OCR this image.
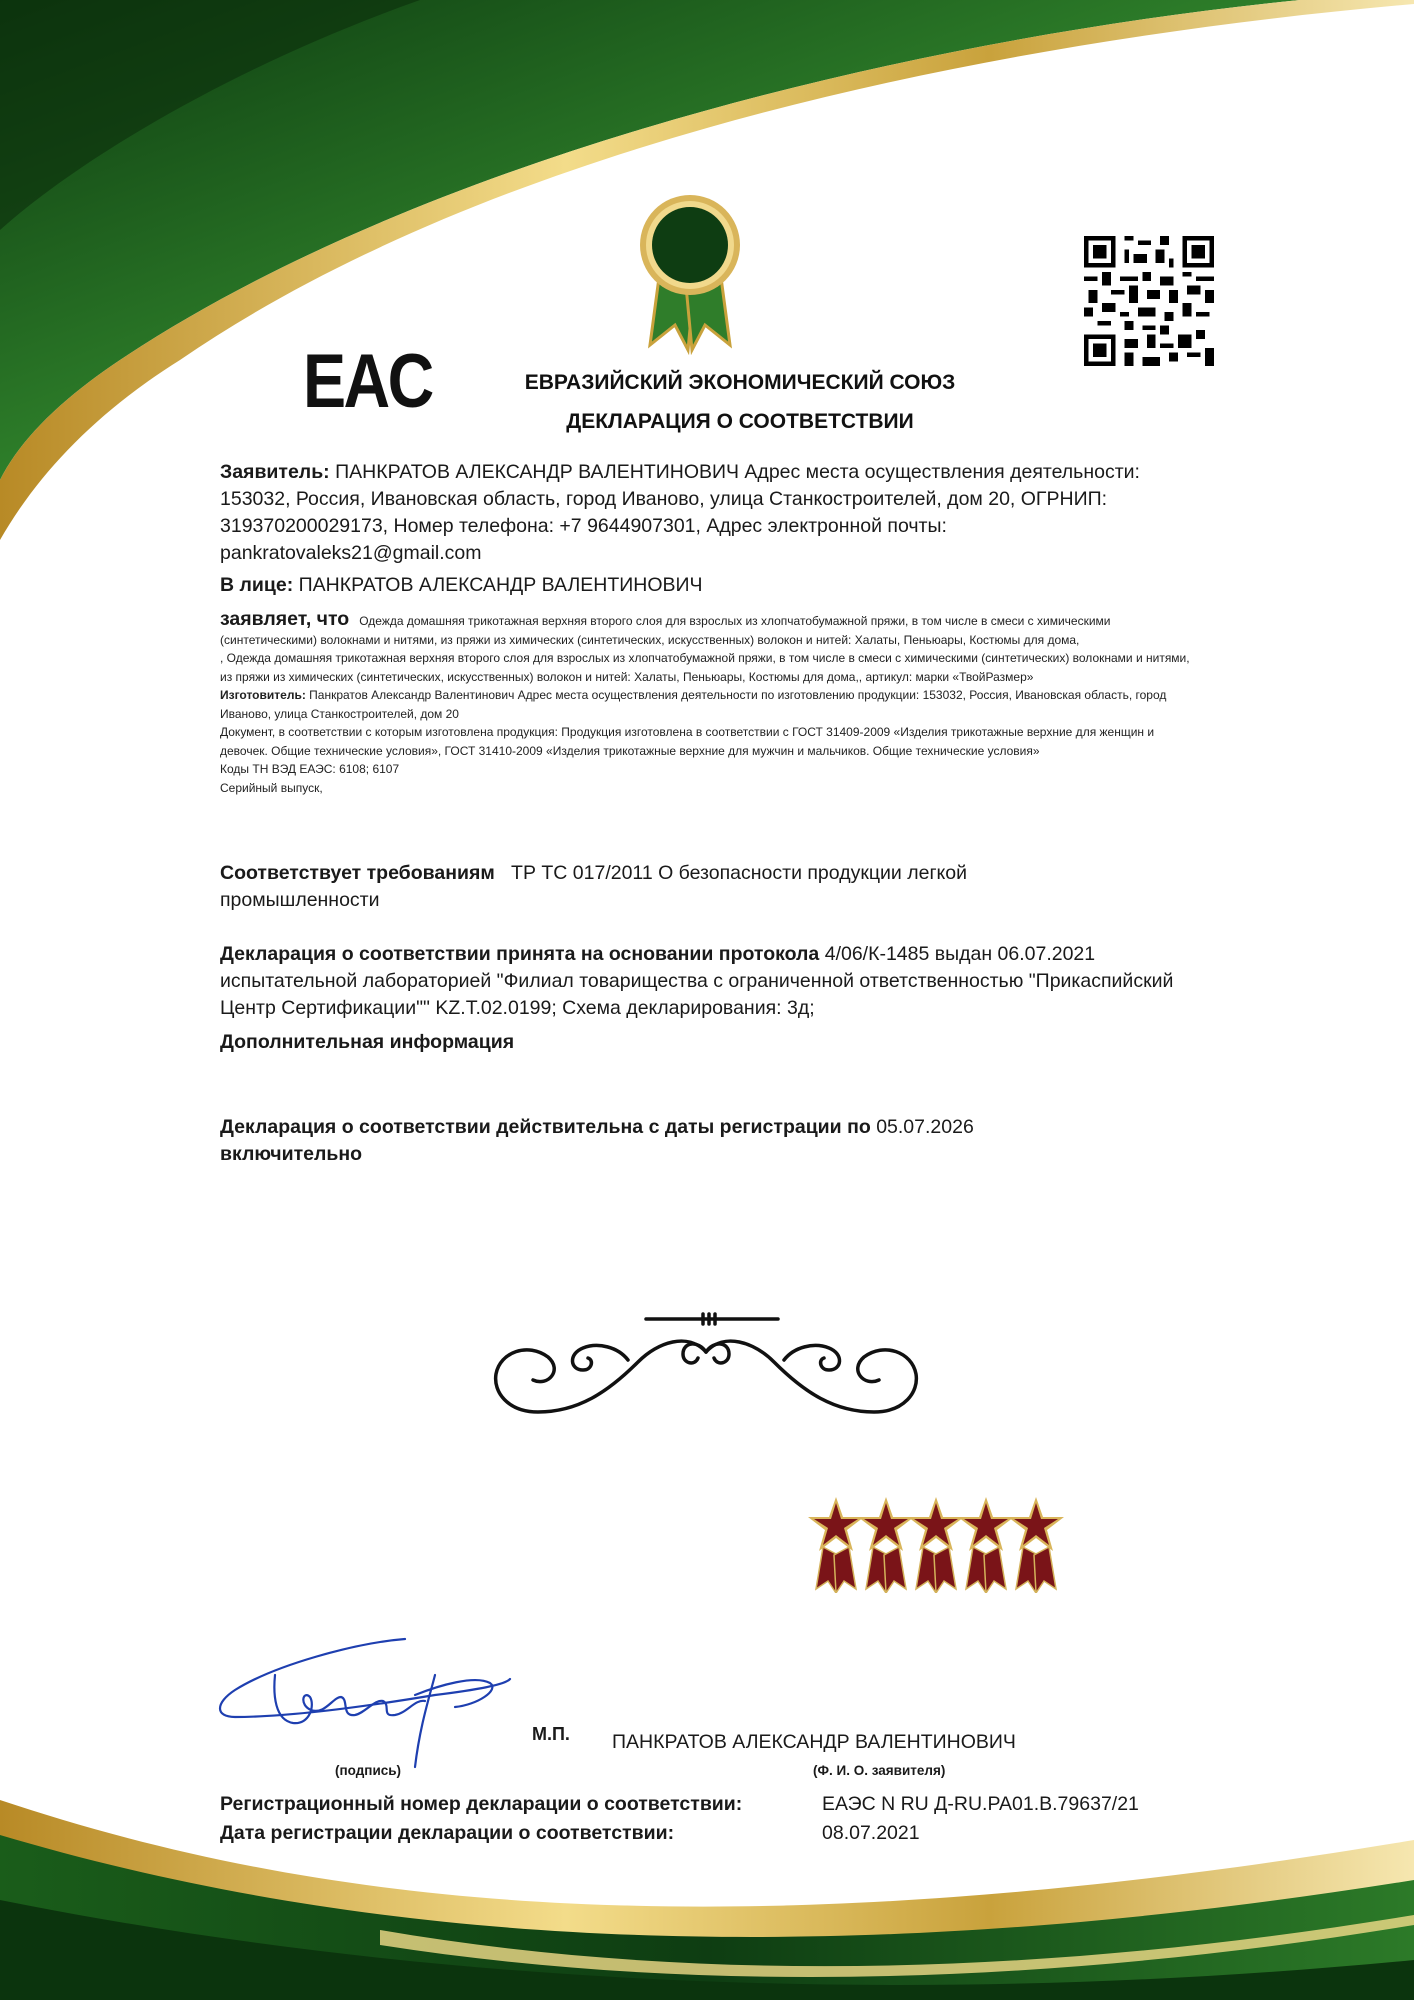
EAC	ЕВРАЗИЙСКИЙ ЭКОНОМИЧЕСКИЙ СОЮЗ
ДЕКЛАРАЦИЯ О СООТВЕТСТВИИ
Заявитель: ПАНКРАТОВ АЛЕКСАНДР ВАЛЕНТИНОВИЧ Адрес места осуществления деятельности: 153032, Россия, Ивановская область, город Иваново, улица Станкостроителей, дом 20, ОГРНИП: 319370200029173, Номер телефона: +7 9644907301, Адрес электронной почты: pankratovaleks21@gmail.com
В лице: ПАНКРАТОВ АЛЕКСАНДР ВАЛЕНТИНОВИЧ
заявляет, что Одежда домашняя трикотажная верхняя второго слоя для взрослых из хлопчатобумажной пряжи, в том числе в смеси с химическими (синтетическими) волокнами и нитями, из пряжи из химических (синтетических, искусственных) волокон и нитей: Халаты, Пеньюары, Костюмы для дома,
, Одежда домашняя трикотажная верхняя второго слоя для взрослых из хлопчатобумажной пряжи, в том числе в смеси с химическими (синтетических) волокнами и нитями, из пряжи из химических (синтетических, искусственных) волокон и нитей: Халаты, Пеньюары, Костюмы для дома,, артикул: марки «ТвойРазмер»
Изготовитель: Панкратов Александр Валентинович Адрес места осуществления деятельности по изготовлению продукции: 153032, Россия, Ивановская область, город Иваново, улица Станкостроителей, дом 20
Документ, в соответствии с которым изготовлена продукция: Продукция изготовлена в соответствии с ГОСТ 31409-2009 «Изделия трикотажные верхние для женщин и девочек. Общие технические условия», ГОСТ 31410-2009 «Изделия трикотажные верхние для мужчин и мальчиков. Общие технические условия»
Коды ТН ВЭД ЕАЭС: 6108; 6107
Серийный выпуск,
Соответствует требованиям ТР ТС 017/2011 О безопасности продукции легкой промышленности
Декларация о соответствии принята на основании протокола 4/06/К-1485 выдан 06.07.2021 испытательной лабораторией "Филиал товарищества с ограниченной ответственностью "Прикаспийский Центр Сертификации"" KZ.T.02.0199; Схема декларирования: 3д;
Дополнительная информация
Декларация о соответствии действительна с даты регистрации по 05.07.2026
включительно
(подпись)
М.П. ПАНКРАТОВ АЛЕКСАНДР ВАЛЕНТИНОВИЧ
(Ф. И. О. заявителя)
Регистрационный номер декларации о соответствии:	ЕАЭС N RU Д-RU.PA01.B.79637/21
Дата регистрации декларации о соответствии:	08.07.2021
